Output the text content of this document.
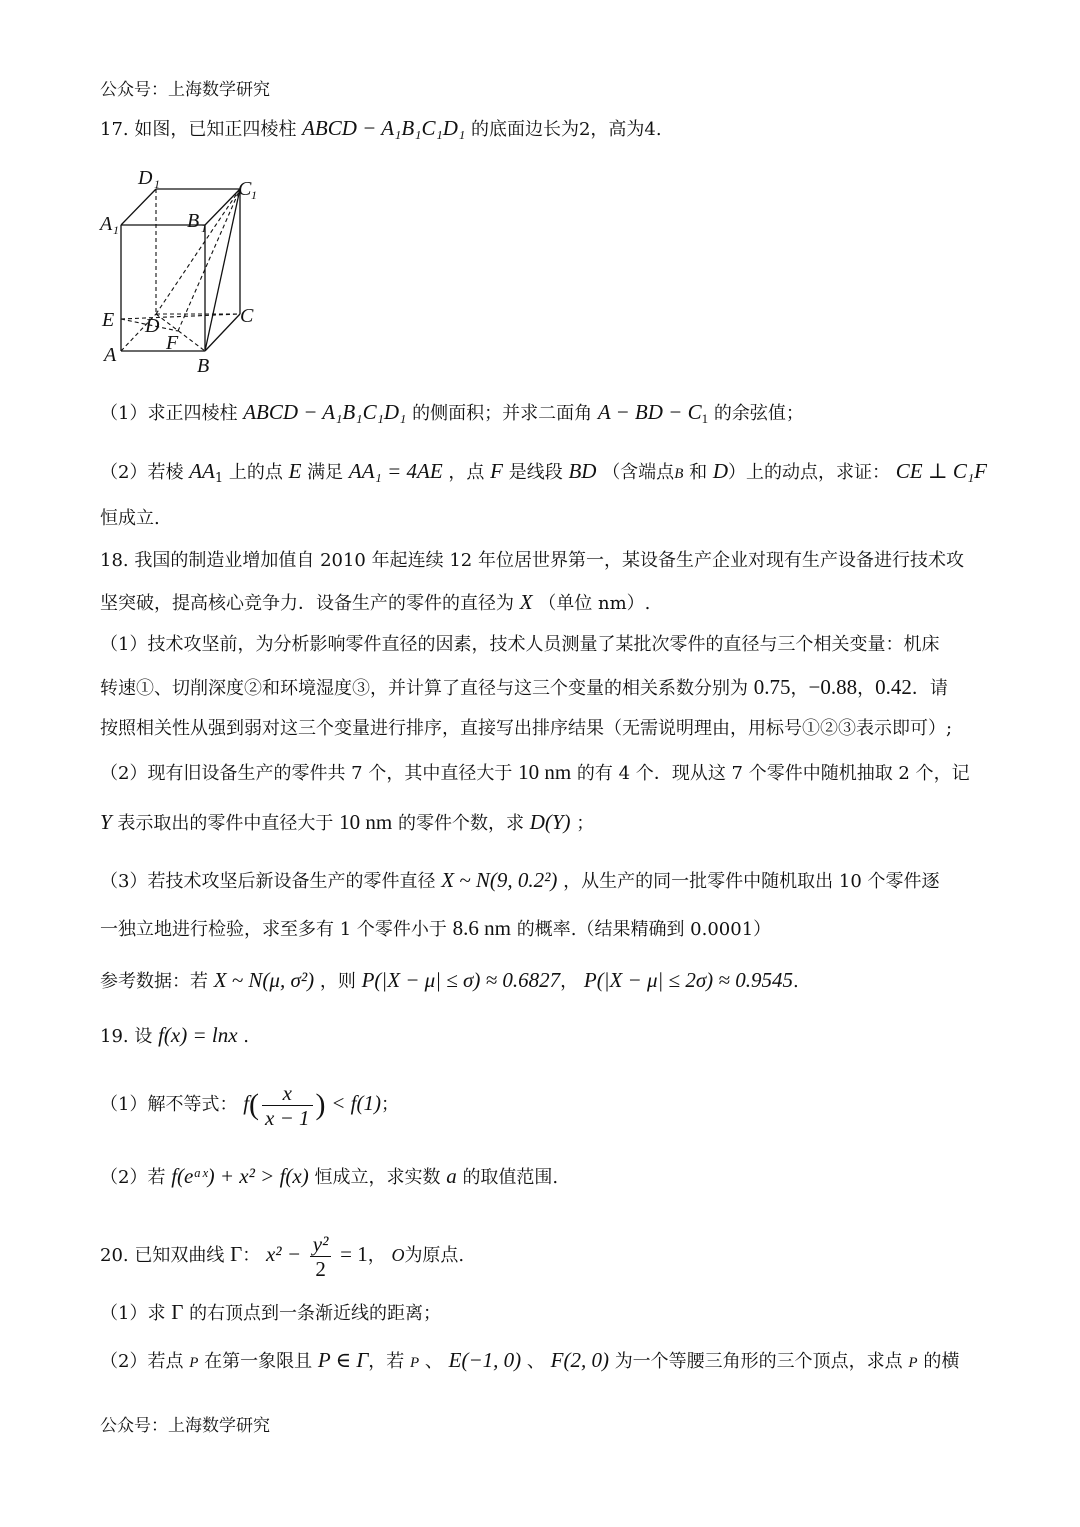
公众号：上海数学研究
17. 如图，已知正四棱柱 ABCD − A₁B₁C₁D₁ 的底面边长为2，高为4.
D 1	C 1
A 1	B 1
E D	C
F
A	B
（1）求正四棱柱 ABCD − A₁B₁C₁D₁ 的侧面积；并求二面角 A − BD − $C_1$ 的余弦值；
（2）若棱 $AA_1$ 上的点 E 满足 AA₁ = 4AE ，点 F 是线段 BD （含端点B 和 D）上的动点，求证： CE ⊥ C₁F
恒成立.
18. 我国的制造业增加值自 2010 年起连续 12 年位居世界第一，某设备生产企业对现有生产设备进行技术攻
坚突破，提高核心竞争力．设备生产的零件的直径为 X （单位 nm）.
（1）技术攻坚前，为分析影响零件直径的因素，技术人员测量了某批次零件的直径与三个相关变量：机床
转速①、切削深度②和环境湿度③，并计算了直径与这三个变量的相关系数分别为 0.75，−0.88，0.42．请
按照相关性从强到弱对这三个变量进行排序，直接写出排序结果（无需说明理由，用标号①②③表示即可）;
（2）现有旧设备生产的零件共 7 个，其中直径大于 10 nm 的有 4 个．现从这 7 个零件中随机抽取 2 个，记
Y 表示取出的零件中直径大于 10 nm 的零件个数，求 D(Y) ；
（3）若技术攻坚后新设备生产的零件直径 X ~ N(9, 0.2²) ，从生产的同一批零件中随机取出 10 个零件逐
一独立地进行检验，求至多有 1 个零件小于 8.6 nm 的概率.（结果精确到 0.0001）
参考数据：若 X ~ N(μ, σ²) ，则 P(|X − μ| ≤ σ) ≈ 0.6827， P(|X − μ| ≤ 2σ) ≈ 0.9545.
19. 设 f(x) = lnx .
（1）解不等式： $f( \frac{x}{x - 1}$ ) < f(1)；
（2）若 f(eᵃˣ) + x² > f(x) 恒成立，求实数 a 的取值范围.
20. 已知双曲线 Γ： $x^2 - \frac{\text{y²}}{2} = 1$， O为原点.
（1）求 Γ 的右顶点到一条渐近线的距离；
（2）若点 P 在第一象限且 P ∈ Γ，若 P 、 E(−1, 0) 、 F(2, 0) 为一个等腰三角形的三个顶点，求点 P 的横
公众号：上海数学研究
